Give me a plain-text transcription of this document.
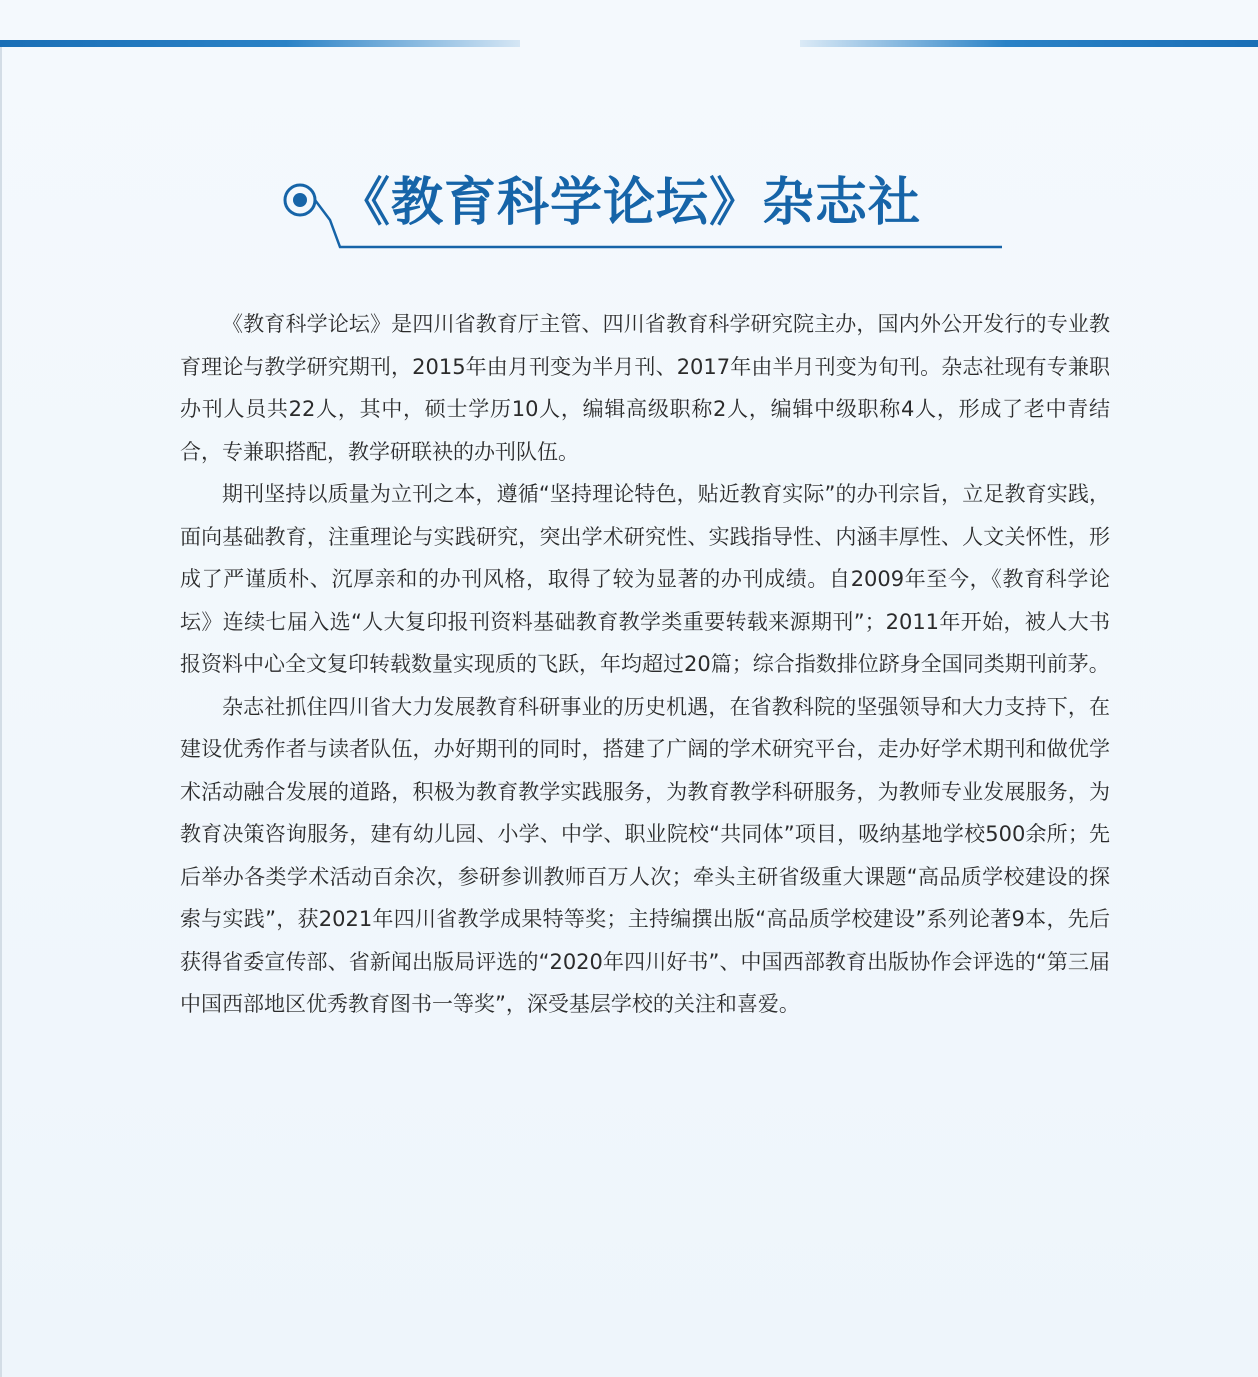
《教育科学论坛》杂志社

《教育科学论坛》是四川省教育厅主管、四川省教育科学研究院主办，国内外公开发行的专业教育理论与教学研究期刊，2015年由月刊变为半月刊、2017年由半月刊变为旬刊。杂志社现有专兼职办刊人员共22人，其中，硕士学历10人，编辑高级职称2人，编辑中级职称4人，形成了老中青结合，专兼职搭配，教学研联袂的办刊队伍。

期刊坚持以质量为立刊之本，遵循“坚持理论特色，贴近教育实际”的办刊宗旨，立足教育实践，面向基础教育，注重理论与实践研究，突出学术研究性、实践指导性、内涵丰厚性、人文关怀性，形成了严谨质朴、沉厚亲和的办刊风格，取得了较为显著的办刊成绩。自2009年至今，《教育科学论坛》连续七届入选“人大复印报刊资料基础教育教学类重要转载来源期刊”；2011年开始，被人大书报资料中心全文复印转载数量实现质的飞跃，年均超过20篇；综合指数排位跻身全国同类期刊前茅。

杂志社抓住四川省大力发展教育科研事业的历史机遇，在省教科院的坚强领导和大力支持下，在建设优秀作者与读者队伍，办好期刊的同时，搭建了广阔的学术研究平台，走办好学术期刊和做优学术活动融合发展的道路，积极为教育教学实践服务，为教育教学科研服务，为教师专业发展服务，为教育决策咨询服务，建有幼儿园、小学、中学、职业院校“共同体”项目，吸纳基地学校500余所；先后举办各类学术活动百余次，参研参训教师百万人次；牵头主研省级重大课题“高品质学校建设的探索与实践”，获2021年四川省教学成果特等奖；主持编撰出版“高品质学校建设”系列论著9本，先后获得省委宣传部、省新闻出版局评选的“2020年四川好书”、中国西部教育出版协作会评选的“第三届中国西部地区优秀教育图书一等奖”，深受基层学校的关注和喜爱。
